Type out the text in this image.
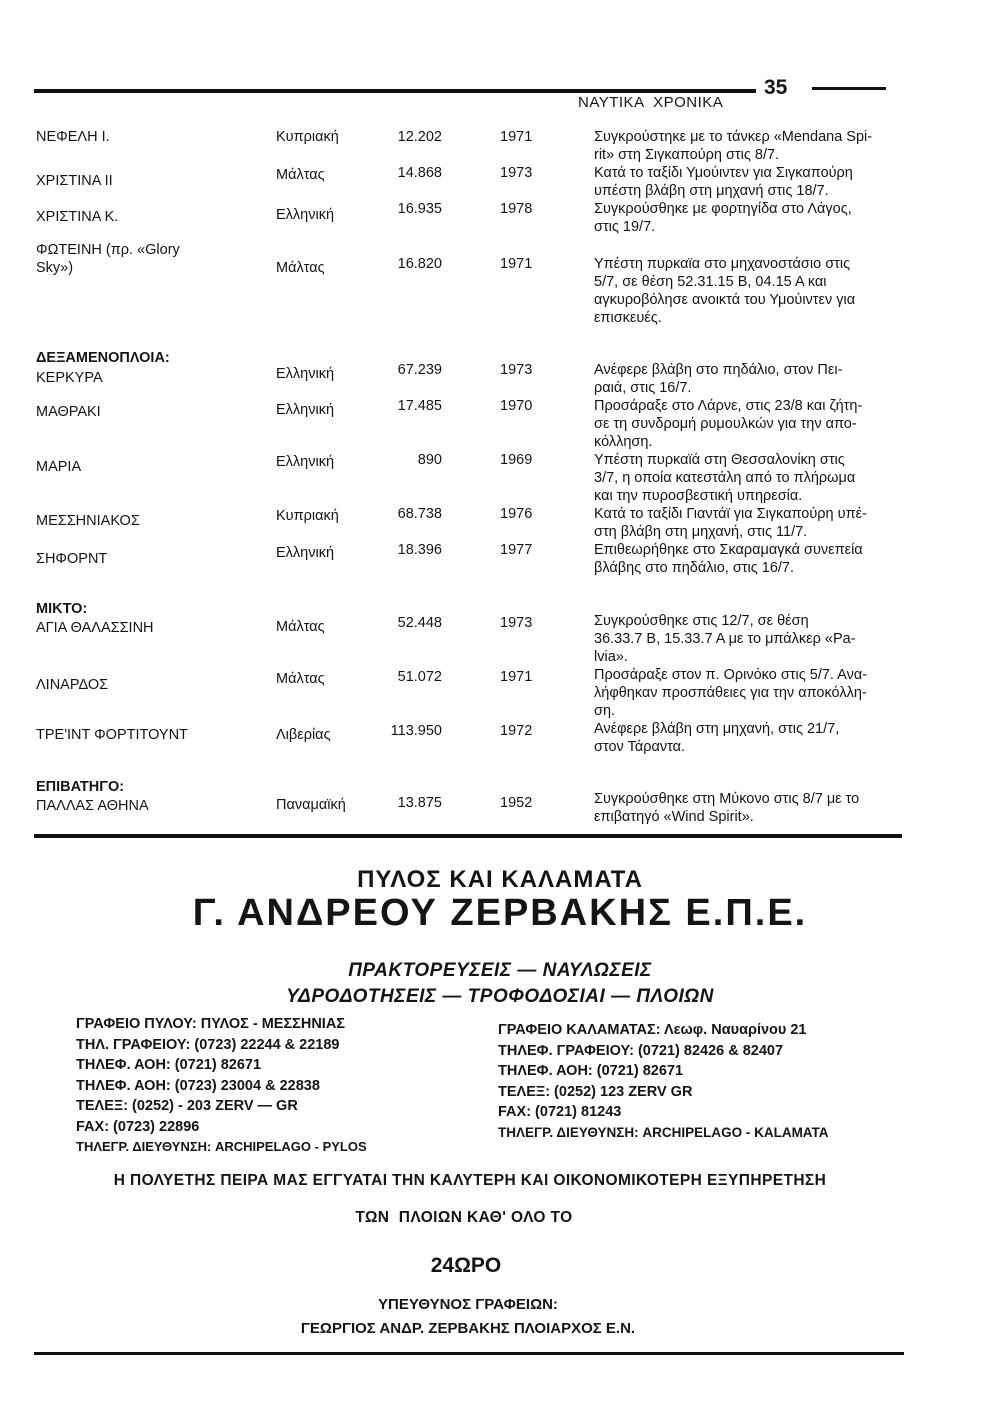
35
ΝΑΥΤΙΚΑ  ΧΡΟΝΙΚΑ
ΝΕΦΕΛΗ Ι.	Κυπριακή	12.202	1971	Συγκρούστηκε με το τάνκερ «Mendana Spi-
rit» στη Σιγκαπούρη στις 8/7.
ΧΡΙΣΤΙΝΑ ΙΙ	Μάλτας	14.868	1973	Κατά το ταξίδι Υμούιντεν για Σιγκαπούρη
υπέστη βλάβη στη μηχανή στις 18/7.
ΧΡΙΣΤΙΝΑ Κ.	Ελληνική	16.935	1978	Συγκρούσθηκε με φορτηγίδα στο Λάγος,
στις 19/7.
ΦΩΤΕΙΝΗ (πρ. «Glory
Sky»)	Μάλτας	16.820	1971	Υπέστη πυρκαϊα στο μηχανοστάσιο στις
5/7, σε θέση 52.31.15 Β, 04.15 Α και
αγκυροβόλησε ανοικτά του Υμούιντεν για
επισκευές.
ΔΕΞΑΜΕΝΟΠΛΟΙΑ:
ΚΕΡΚΥΡΑ	Ελληνική	67.239	1973	Ανέφερε βλάβη στο πηδάλιο, στον Πει-
ραιά, στις 16/7.
ΜΑΘΡΑΚΙ	Ελληνική	17.485	1970	Προσάραξε στο Λάρνε, στις 23/8 και ζήτη-
σε τη συνδρομή ρυμουλκών για την απο-
κόλληση.
ΜΑΡΙΑ	Ελληνική	890	1969	Υπέστη πυρκαϊά στη Θεσσαλονίκη στις
3/7, η οποία κατεστάλη από το πλήρωμα
και την πυροσβεστική υπηρεσία.
ΜΕΣΣΗΝΙΑΚΟΣ	Κυπριακή	68.738	1976	Κατά το ταξίδι Γιαντάϊ για Σιγκαπούρη υπέ-
στη βλάβη στη μηχανή, στις 11/7.
ΣΗΦΟΡΝΤ	Ελληνική	18.396	1977	Επιθεωρήθηκε στο Σκαραμαγκά συνεπεία
βλάβης στο πηδάλιο, στις 16/7.
ΜΙΚΤΟ:
ΑΓΙΑ ΘΑΛΑΣΣΙΝΗ	Μάλτας	52.448	1973	Συγκρούσθηκε στις 12/7, σε θέση
36.33.7 Β, 15.33.7 Α με το μπάλκερ «Pa-
lvia».
ΛΙΝΑΡΔΟΣ	Μάλτας	51.072	1971	Προσάραξε στον π. Ορινόκο στις 5/7. Ανα-
λήφθηκαν προσπάθειες για την αποκόλλη-
ση.
ΤΡΕ'ΙΝΤ ΦΟΡΤΙΤΟΥΝΤ	Λιβερίας	113.950	1972	Ανέφερε βλάβη στη μηχανή, στις 21/7,
στον Τάραντα.
ΕΠΙΒΑΤΗΓΟ:
ΠΑΛΛΑΣ ΑΘΗΝΑ	Παναμαϊκή	13.875	1952	Συγκρούσθηκε στη Μύκονο στις 8/7 με το
επιβατηγό «Wind Spirit».
ΠΥΛΟΣ ΚΑΙ ΚΑΛΑΜΑΤΑ
Γ. ΑΝΔΡΕΟΥ ΖΕΡΒΑΚΗΣ Ε.Π.Ε.
ΠΡΑΚΤΟΡΕΥΣΕΙΣ — ΝΑΥΛΩΣΕΙΣ
ΥΔΡΟΔΟΤΗΣΕΙΣ — ΤΡΟΦΟΔΟΣΙΑΙ — ΠΛΟΙΩΝ
ΓΡΑΦΕΙΟ ΠΥΛΟΥ: ΠΥΛΟΣ - ΜΕΣΣΗΝΙΑΣ
ΤΗΛ. ΓΡΑΦΕΙΟΥ: (0723) 22244 & 22189
ΤΗΛΕΦ. ΑΟΗ: (0721) 82671
ΤΗΛΕΦ. ΑΟΗ: (0723) 23004 & 22838
ΤΕΛΕΞ: (0252) - 203 ZERV — GR
FAX: (0723) 22896
ΤΗΛΕΓΡ. ΔΙΕΥΘΥΝΣΗ: ARCHIPELAGO - PYLOS
ΓΡΑΦΕΙΟ ΚΑΛΑΜΑΤΑΣ: Λεωφ. Ναυαρίνου 21
ΤΗΛΕΦ. ΓΡΑΦΕΙΟΥ: (0721) 82426 & 82407
ΤΗΛΕΦ. ΑΟΗ: (0721) 82671
ΤΕΛΕΞ: (0252) 123 ZERV GR
FAX: (0721) 81243
ΤΗΛΕΓΡ. ΔΙΕΥΘΥΝΣΗ: ARCHIPELAGO - KALAMATA
Η ΠΟΛΥΕΤΗΣ ΠΕΙΡΑ ΜΑΣ ΕΓΓΥΑΤΑΙ ΤΗΝ ΚΑΛΥΤΕΡΗ ΚΑΙ ΟΙΚΟΝΟΜΙΚΟΤΕΡΗ ΕΞΥΠΗΡΕΤΗΣΗ
ΤΩΝ  ΠΛΟΙΩΝ ΚΑΘ' ΟΛΟ ΤΟ
24ΩΡΟ
ΥΠΕΥΘΥΝΟΣ ΓΡΑΦΕΙΩΝ:
ΓΕΩΡΓΙΟΣ ΑΝΔΡ. ΖΕΡΒΑΚΗΣ ΠΛΟΙΑΡΧΟΣ Ε.Ν.
